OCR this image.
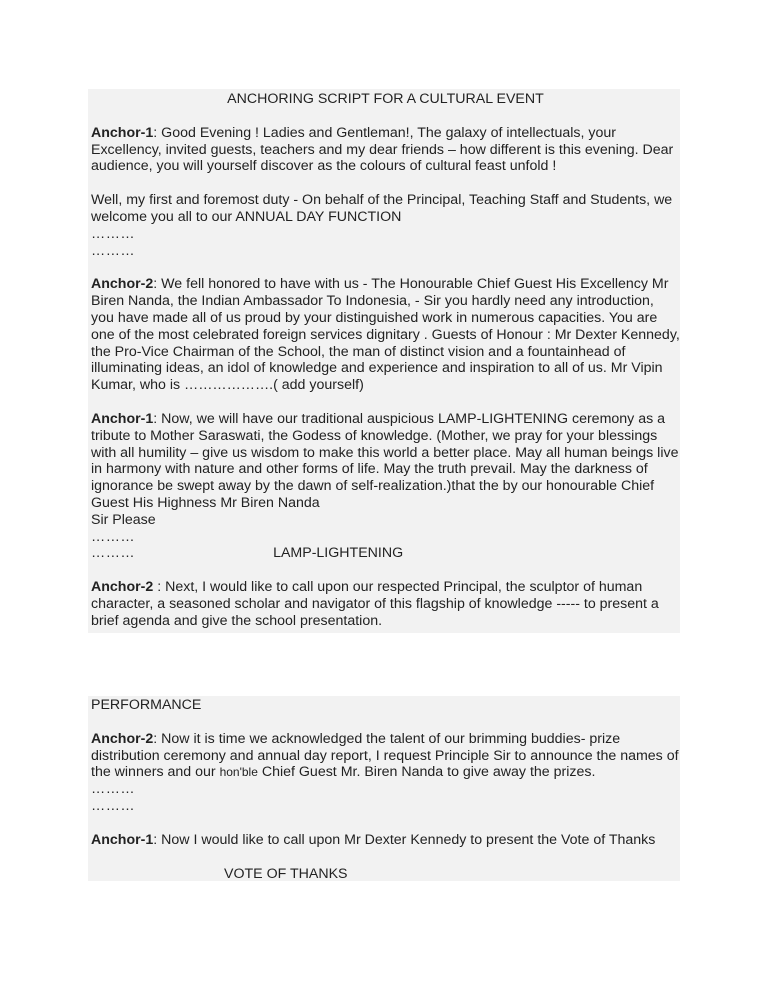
ANCHORING SCRIPT FOR A CULTURAL EVENT

Anchor-1: Good Evening ! Ladies and Gentleman!, The galaxy of intellectuals, your Excellency, invited guests, teachers and my dear friends – how different is this evening. Dear audience, you will yourself discover as the colours of cultural feast unfold !

Well, my first and foremost duty - On behalf of the Principal, Teaching Staff and Students, we welcome you all to our ANNUAL DAY FUNCTION

………

………

Anchor-2: We fell honored to have with us - The Honourable Chief Guest His Excellency Mr Biren Nanda, the Indian Ambassador To Indonesia, - Sir you hardly need any introduction, you have made all of us proud by your distinguished work in numerous capacities. You are one of the most celebrated foreign services dignitary . Guests of Honour : Mr Dexter Kennedy, the Pro-Vice Chairman of the School, the man of distinct vision and a fountainhead of illuminating ideas, an idol of knowledge and experience and inspiration to all of us. Mr Vipin Kumar, who is ……………….( add yourself)

Anchor-1: Now, we will have our traditional auspicious LAMP-LIGHTENING ceremony as a tribute to Mother Saraswati, the Godess of knowledge. (Mother, we pray for your blessings with all humility – give us wisdom to make this world a better place. May all human beings live in harmony with nature and other forms of life. May the truth prevail. May the darkness of ignorance be swept away by the dawn of self-realization.)that the by our honourable Chief Guest His Highness Mr Biren Nanda

Sir Please

………

………	LAMP-LIGHTENING

Anchor-2 : Next, I would like to call upon our respected Principal, the sculptor of human character, a seasoned scholar and navigator of this flagship of knowledge ----- to present a brief agenda and give the school presentation.

PERFORMANCE

Anchor-2: Now it is time we acknowledged the talent of our brimming buddies- prize distribution ceremony and annual day report, I request Principle Sir to announce the names of the winners and our hon'ble Chief Guest Mr. Biren Nanda to give away the prizes.

………

………

Anchor-1: Now I would like to call upon Mr Dexter Kennedy to present the Vote of Thanks

VOTE OF THANKS
